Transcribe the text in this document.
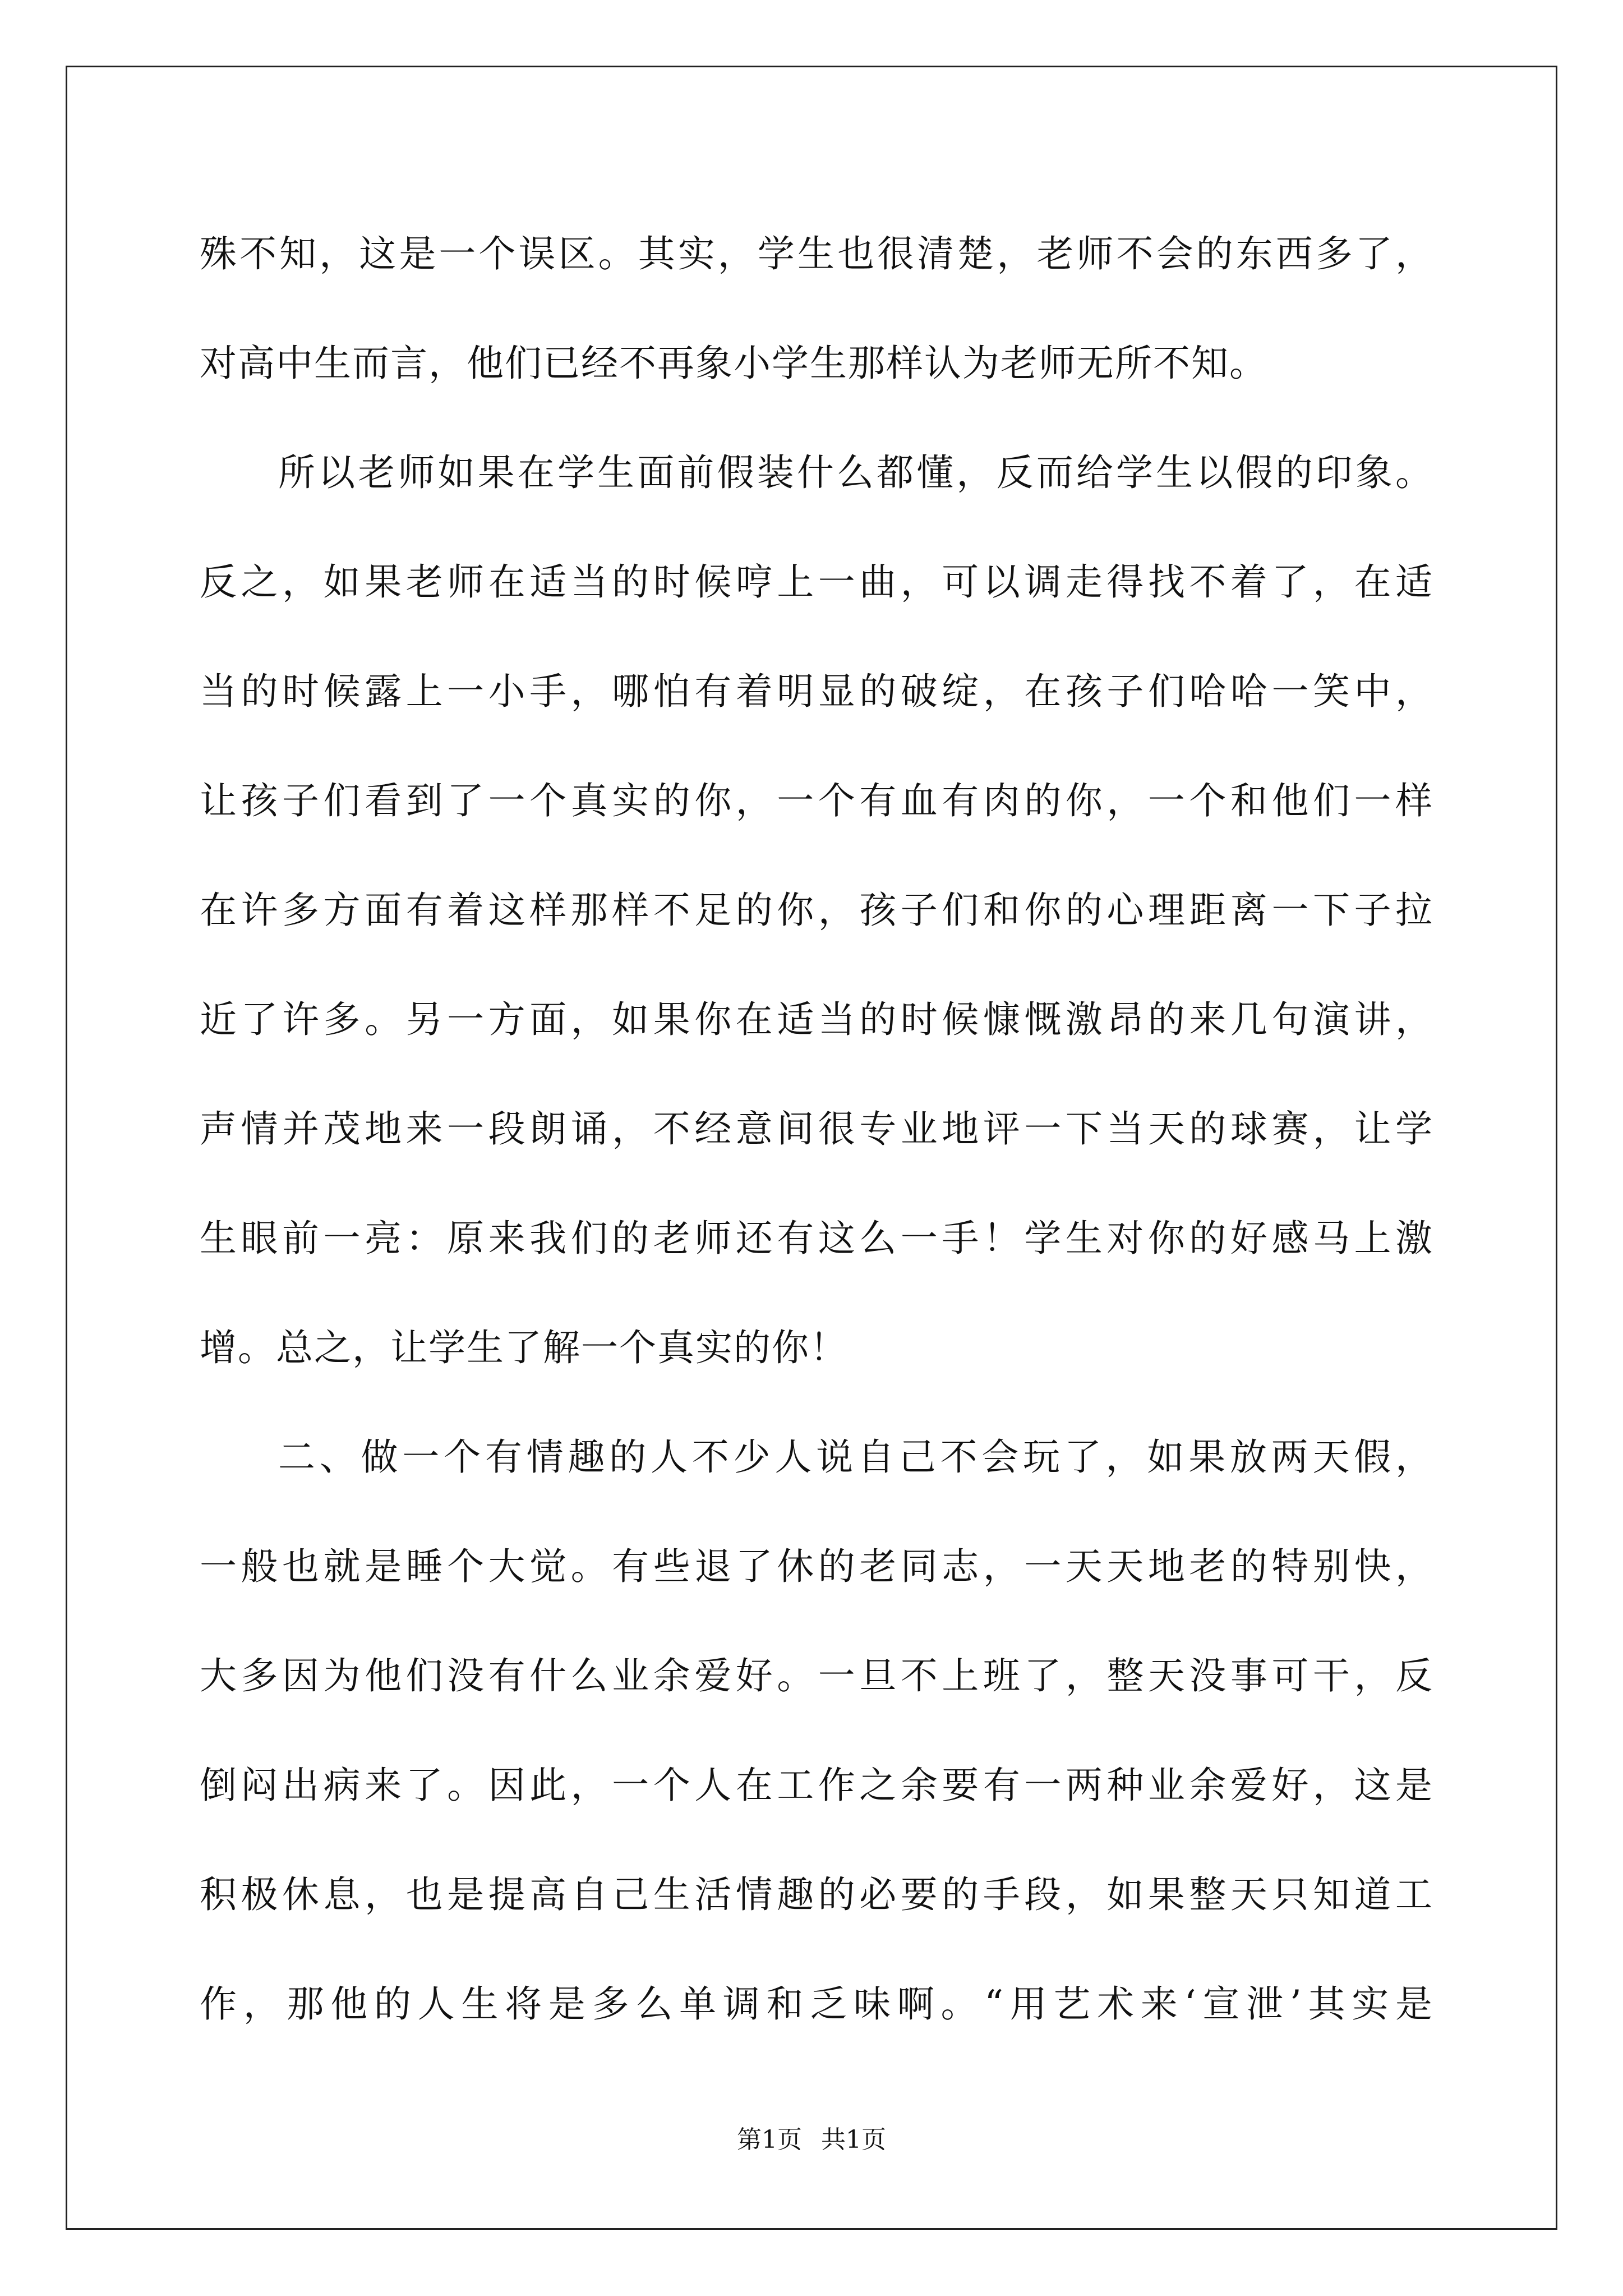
殊不知，这是一个误区。其实，学生也很清楚，老师不会的东西多了，
对高中生而言，他们已经不再象小学生那样认为老师无所不知。
所以老师如果在学生面前假装什么都懂，反而给学生以假的印象。
反之，如果老师在适当的时候哼上一曲，可以调走得找不着了，在适
当的时候露上一小手，哪怕有着明显的破绽，在孩子们哈哈一笑中，
让孩子们看到了一个真实的你，一个有血有肉的你，一个和他们一样
在许多方面有着这样那样不足的你，孩子们和你的心理距离一下子拉
近了许多。另一方面，如果你在适当的时候慷慨激昂的来几句演讲，
声情并茂地来一段朗诵，不经意间很专业地评一下当天的球赛，让学
生眼前一亮：原来我们的老师还有这么一手！学生对你的好感马上激
增。总之，让学生了解一个真实的你！
二、做一个有情趣的人不少人说自己不会玩了，如果放两天假，
一般也就是睡个大觉。有些退了休的老同志，一天天地老的特别快，
大多因为他们没有什么业余爱好。一旦不上班了，整天没事可干，反
倒闷出病来了。因此，一个人在工作之余要有一两种业余爱好，这是
积极休息，也是提高自己生活情趣的必要的手段，如果整天只知道工
作，那他的人生将是多么单调和乏味啊。“用艺术来‘宣泄’其实是
第1页 共1页
